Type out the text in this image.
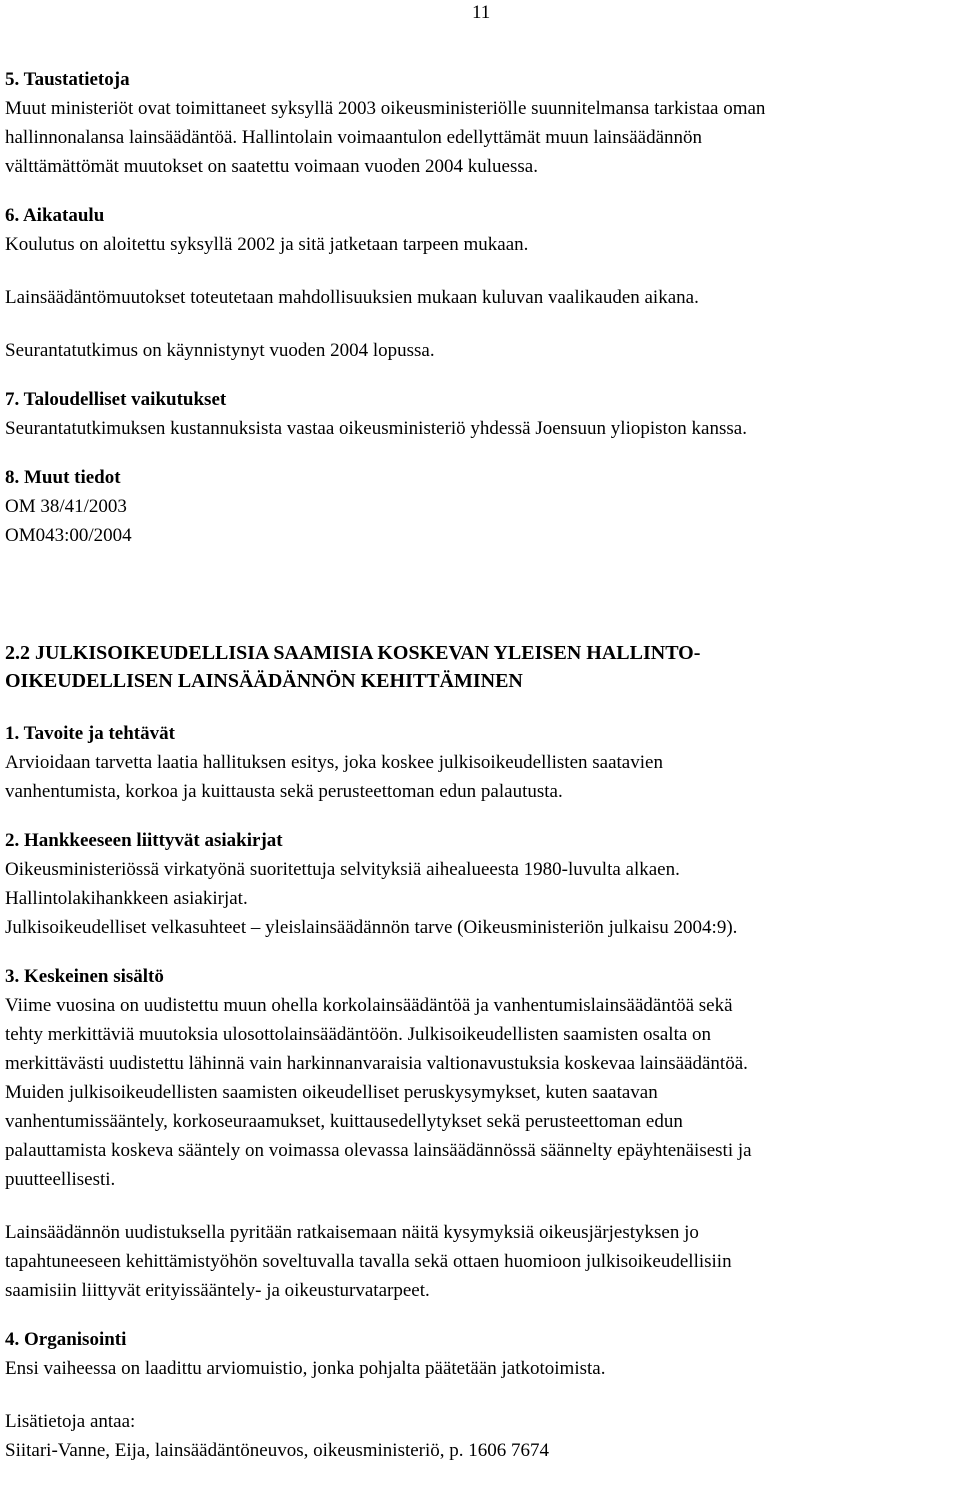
11
5. Taustatietoja
Muut ministeriöt ovat toimittaneet syksyllä 2003 oikeusministeriölle suunnitelmansa tarkistaa oman
hallinnonalansa lainsäädäntöä. Hallintolain voimaantulon edellyttämät muun lainsäädännön
välttämättömät muutokset on saatettu voimaan vuoden 2004 kuluessa.
6. Aikataulu
Koulutus on aloitettu syksyllä 2002 ja sitä jatketaan tarpeen mukaan.
Lainsäädäntömuutokset toteutetaan mahdollisuuksien mukaan kuluvan vaalikauden aikana.
Seurantatutkimus on käynnistynyt vuoden 2004 lopussa.
7. Taloudelliset vaikutukset
Seurantatutkimuksen kustannuksista vastaa oikeusministeriö yhdessä Joensuun yliopiston kanssa.
8. Muut tiedot
OM 38/41/2003
OM043:00/2004
2.2 JULKISOIKEUDELLISIA SAAMISIA KOSKEVAN YLEISEN HALLINTO-
OIKEUDELLISEN LAINSÄÄDÄNNÖN KEHITTÄMINEN
1. Tavoite ja tehtävät
Arvioidaan tarvetta laatia hallituksen esitys, joka koskee julkisoikeudellisten saatavien
vanhentumista, korkoa ja kuittausta sekä perusteettoman edun palautusta.
2. Hankkeeseen liittyvät asiakirjat
Oikeusministeriössä virkatyönä suoritettuja selvityksiä aihealueesta 1980-luvulta alkaen.
Hallintolakihankkeen asiakirjat.
Julkisoikeudelliset velkasuhteet – yleislainsäädännön tarve (Oikeusministeriön julkaisu 2004:9).
3. Keskeinen sisältö
Viime vuosina on uudistettu muun ohella korkolainsäädäntöä ja vanhentumislainsäädäntöä sekä
tehty merkittäviä muutoksia ulosottolainsäädäntöön. Julkisoikeudellisten saamisten osalta on
merkittävästi uudistettu lähinnä vain harkinnanvaraisia valtionavustuksia koskevaa lainsäädäntöä.
Muiden julkisoikeudellisten saamisten oikeudelliset peruskysymykset, kuten saatavan
vanhentumissääntely, korkoseuraamukset, kuittausedellytykset sekä perusteettoman edun
palauttamista koskeva sääntely on voimassa olevassa lainsäädännössä säännelty epäyhtenäisesti ja
puutteellisesti.
Lainsäädännön uudistuksella pyritään ratkaisemaan näitä kysymyksiä oikeusjärjestyksen jo
tapahtuneeseen kehittämistyöhön soveltuvalla tavalla sekä ottaen huomioon julkisoikeudellisiin
saamisiin liittyvät erityissääntely- ja oikeusturvatarpeet.
4. Organisointi
Ensi vaiheessa on laadittu arviomuistio, jonka pohjalta päätetään jatkotoimista.
Lisätietoja antaa:
Siitari-Vanne, Eija, lainsäädäntöneuvos, oikeusministeriö, p. 1606 7674
